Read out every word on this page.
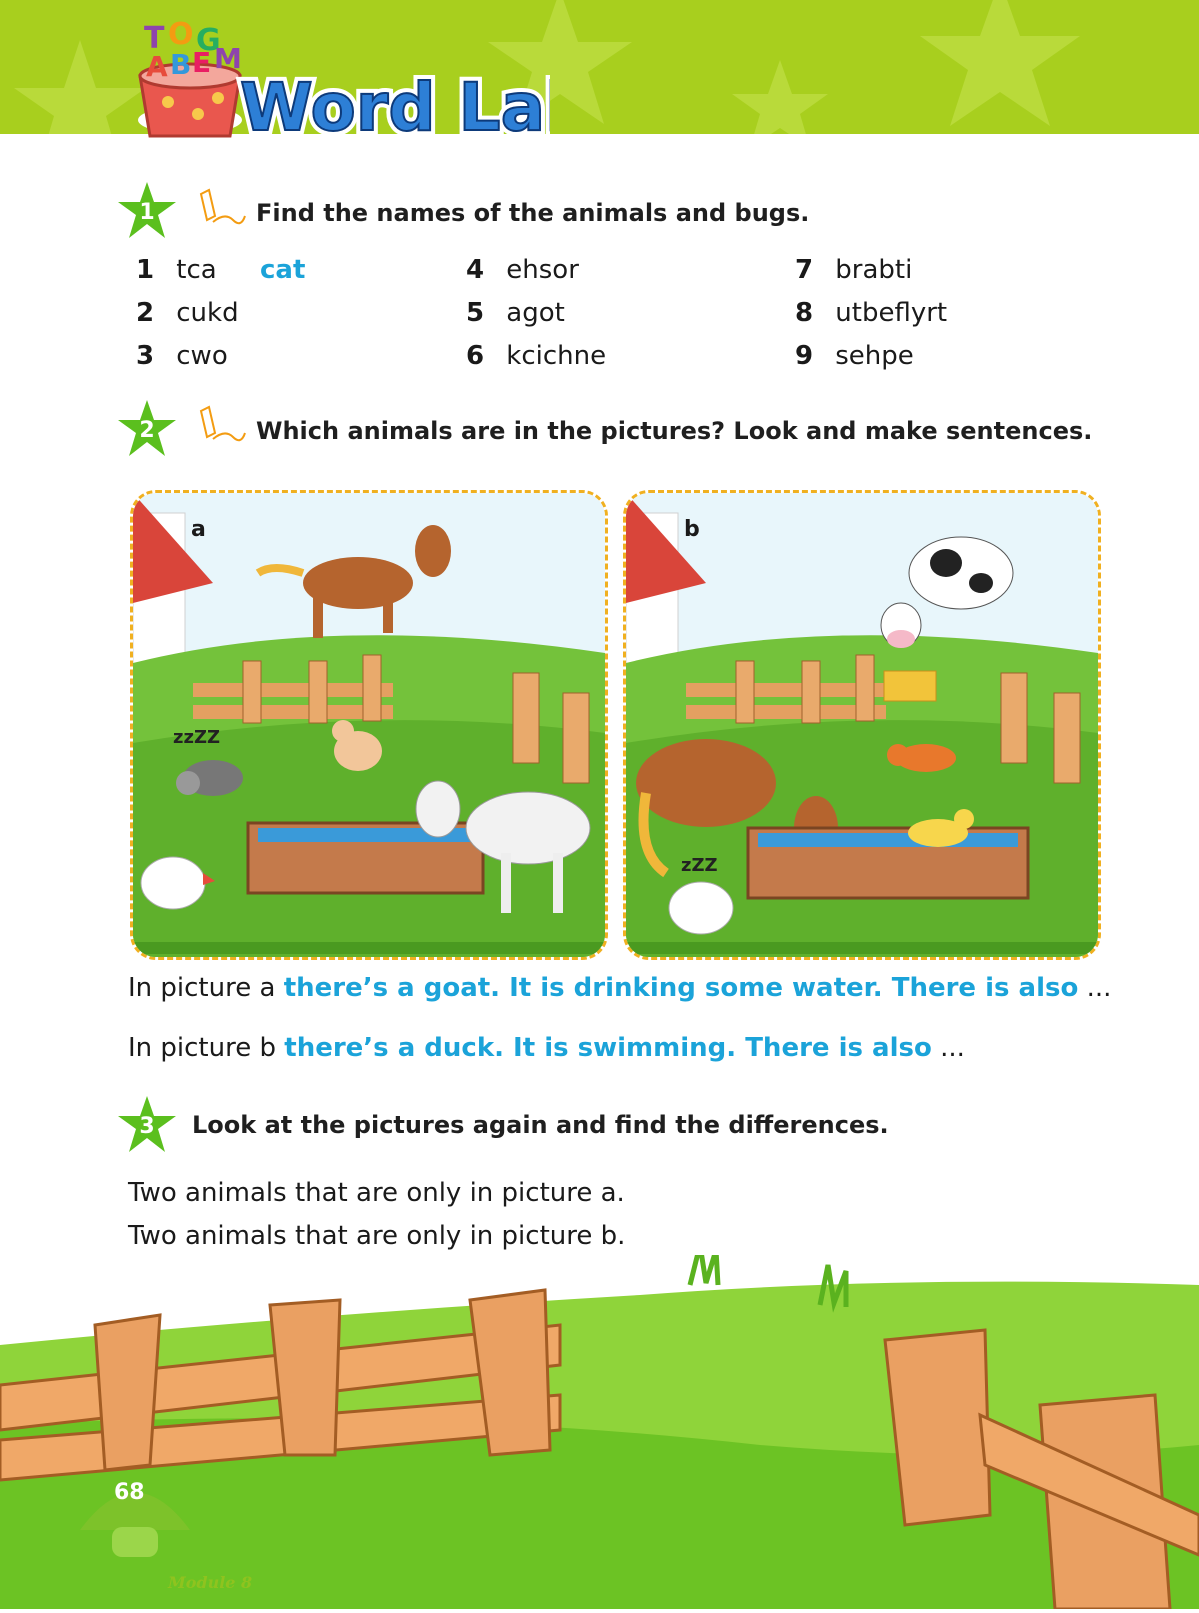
T O G
A B E M
Word La
Word La
1	Find the names of the animals and bugs.
1 tca cat
2 cukd
3 cwo
4 ehsor
5 agot
6 kcichne
7 brabti
8 utbeflyrt
9 sehpe
2	Which animals are in the pictures? Look and make sentences.
zzZZ
a
zZZ
b
In picture a there’s a goat. It is drinking some water. There is also ...
In picture b there’s a duck. It is swimming. There is also ...
3	Look at the pictures again and find the differences.
Two animals that are only in picture a.
Two animals that are only in picture b.
68
Module 8
